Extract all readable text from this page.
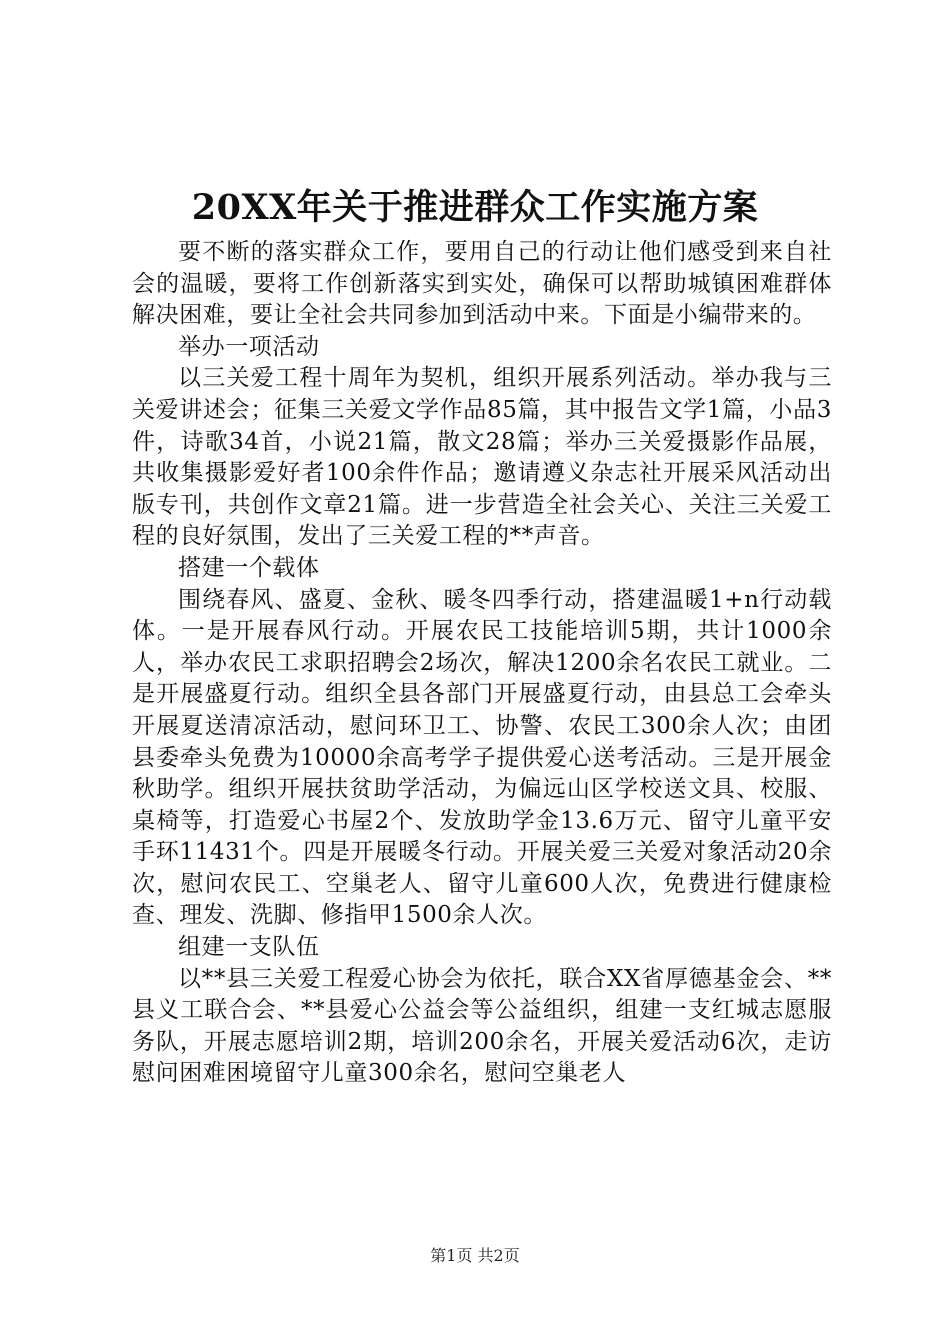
20XX年关于推进群众工作实施方案

要不断的落实群众工作，要用自己的行动让他们感受到来自社会的温暖，要将工作创新落实到实处，确保可以帮助城镇困难群体解决困难，要让全社会共同参加到活动中来。下面是小编带来的。

举办一项活动

以三关爱工程十周年为契机，组织开展系列活动。举办我与三关爱讲述会；征集三关爱文学作品85篇，其中报告文学1篇，小品3件，诗歌34首，小说21篇，散文28篇；举办三关爱摄影作品展，共收集摄影爱好者100余件作品；邀请遵义杂志社开展采风活动出版专刊，共创作文章21篇。进一步营造全社会关心、关注三关爱工程的良好氛围，发出了三关爱工程的**声音。

搭建一个载体

围绕春风、盛夏、金秋、暖冬四季行动，搭建温暖1+n行动载体。一是开展春风行动。开展农民工技能培训5期，共计1000余人，举办农民工求职招聘会2场次，解决1200余名农民工就业。二是开展盛夏行动。组织全县各部门开展盛夏行动，由县总工会牵头开展夏送清凉活动，慰问环卫工、协警、农民工300余人次；由团县委牵头免费为10000余高考学子提供爱心送考活动。三是开展金秋助学。组织开展扶贫助学活动，为偏远山区学校送文具、校服、桌椅等，打造爱心书屋2个、发放助学金13.6万元、留守儿童平安手环11431个。四是开展暖冬行动。开展关爱三关爱对象活动20余次，慰问农民工、空巢老人、留守儿童600人次，免费进行健康检查、理发、洗脚、修指甲1500余人次。

组建一支队伍

以**县三关爱工程爱心协会为依托，联合XX省厚德基金会、**县义工联合会、**县爱心公益会等公益组织，组建一支红城志愿服务队，开展志愿培训2期，培训200余名，开展关爱活动6次，走访慰问困难困境留守儿童300余名，慰问空巢老人

第1页 共2页
